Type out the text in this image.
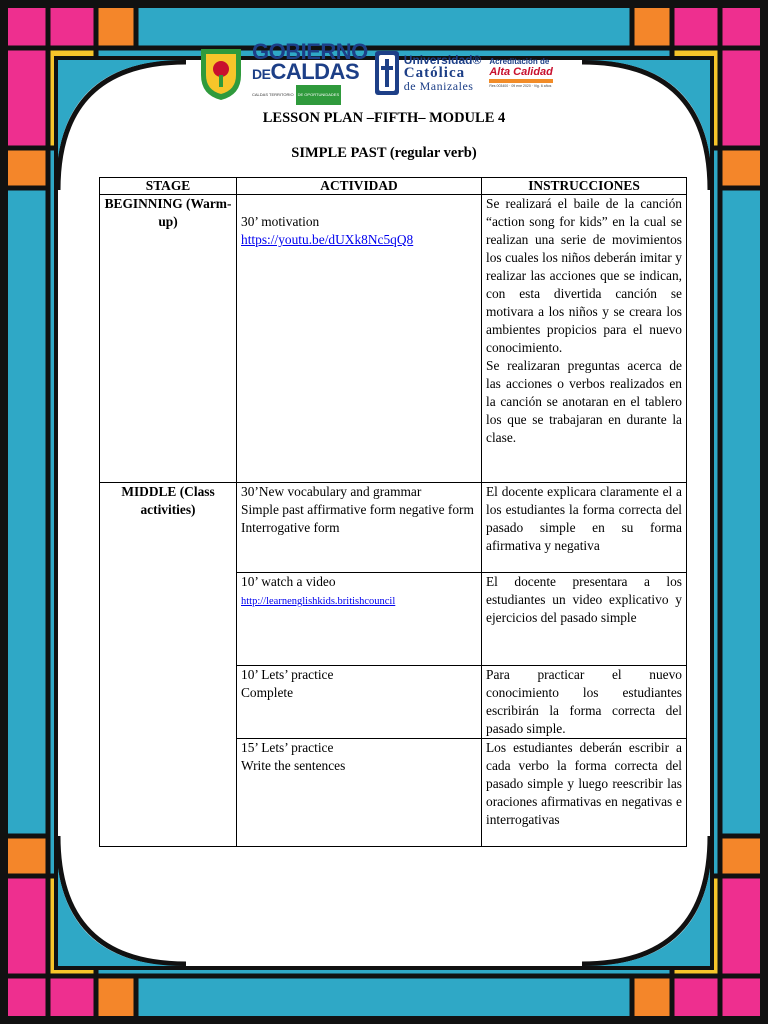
GOBIERNO
DECALDAS
CALDAS TERRITORIO	DE OPORTUNIDADES
Universidad®
Católica
de Manizales
Acreditación de
Alta Calidad
Res 003400 · 09 ene 2020 · Vig. 6 años
LESSON PLAN –FIFTH– MODULE 4
SIMPLE PAST (regular verb)
STAGE	ACTIVIDAD	INSTRUCCIONES
BEGINNING (Warm-up)	30’ motivation
https://youtu.be/dUXk8Nc5qQ8	Se realizará el baile de la canción “action song for kids” en la cual se realizan una serie de movimientos los cuales los niños deberán imitar y realizar las acciones que se indican, con esta divertida canción se motivara a los niños y se creara los ambientes propicios para el nuevo conocimiento.
Se realizaran preguntas acerca de las acciones o verbos realizados en la canción se anotaran en el tablero los que se trabajaran en durante la clase.

MIDDLE (Class activities)	30’New vocabulary and grammar
Simple past affirmative form negative form
Interrogative form	El docente explicara claramente el a los estudiantes la forma correcta del pasado simple en su forma afirmativa y negativa

	10’ watch a video
http://learnenglishkids.britishcouncil	El docente presentara a los estudiantes un video explicativo y ejercicios del pasado simple

	10’ Lets’ practice
Complete	Para practicar el nuevo conocimiento los estudiantes escribirán la forma correcta del pasado simple.

	15’ Lets’ practice
Write the sentences	Los estudiantes deberán escribir a cada verbo la forma correcta del pasado simple y luego reescribir las oraciones afirmativas en negativas e interrogativas
